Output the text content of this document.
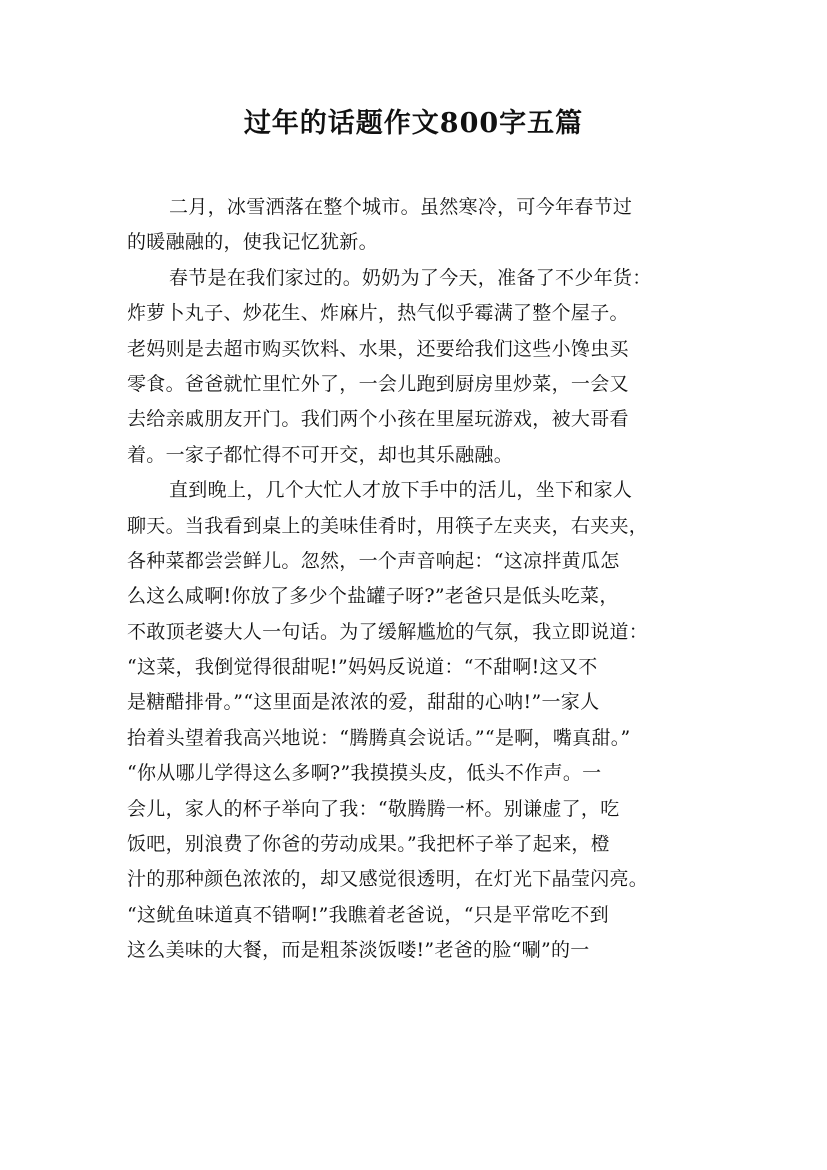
过年的话题作文800字五篇
二月，冰雪洒落在整个城市。虽然寒冷，可今年春节过
的暖融融的，使我记忆犹新。
春节是在我们家过的。奶奶为了今天，准备了不少年货：
炸萝卜丸子、炒花生、炸麻片，热气似乎霉满了整个屋子。
老妈则是去超市购买饮料、水果，还要给我们这些小馋虫买
零食。爸爸就忙里忙外了，一会儿跑到厨房里炒菜，一会又
去给亲戚朋友开门。我们两个小孩在里屋玩游戏，被大哥看
着。一家子都忙得不可开交，却也其乐融融。
直到晚上，几个大忙人才放下手中的活儿，坐下和家人
聊天。当我看到桌上的美味佳肴时，用筷子左夹夹，右夹夹，
各种菜都尝尝鲜儿。忽然，一个声音响起：“这凉拌黄瓜怎
么这么咸啊!你放了多少个盐罐子呀?”老爸只是低头吃菜，
不敢顶老婆大人一句话。为了缓解尴尬的气氛，我立即说道：
“这菜，我倒觉得很甜呢!”妈妈反说道：“不甜啊!这又不
是糖醋排骨。”“这里面是浓浓的爱，甜甜的心呐!”一家人
抬着头望着我高兴地说：“腾腾真会说话。”“是啊，嘴真甜。”
“你从哪儿学得这么多啊?”我摸摸头皮，低头不作声。一
会儿，家人的杯子举向了我：“敬腾腾一杯。别谦虚了，吃
饭吧，别浪费了你爸的劳动成果。”我把杯子举了起来，橙
汁的那种颜色浓浓的，却又感觉很透明，在灯光下晶莹闪亮。
“这鱿鱼味道真不错啊!”我瞧着老爸说，“只是平常吃不到
这么美味的大餐，而是粗茶淡饭喽!”老爸的脸“唰”的一
